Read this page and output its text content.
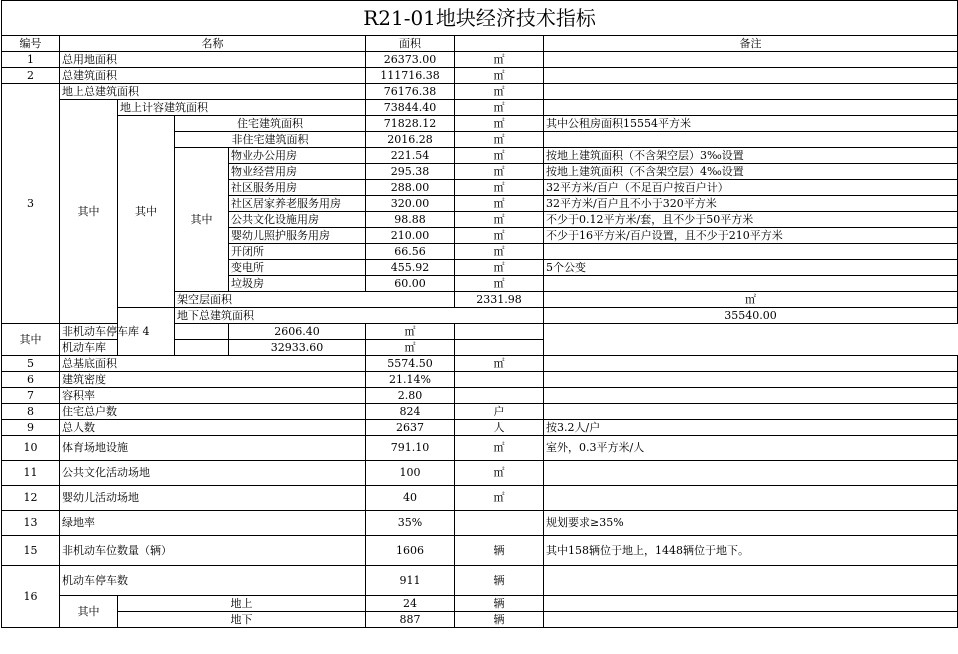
R21-01地块经济技术指标								
编号	名称				面积		备注	
1	总用地面积				26373.00	㎡		
2	总建筑面积				111716.38	㎡		
3	地上总建筑面积				76176.38	㎡		
	其中	地上计容建筑面积			73844.40	㎡		
		其中	住宅建筑面积		71828.12	㎡	其中公租房面积15554平方米	
			非住宅建筑面积		2016.28	㎡		
			其中	物业办公用房	221.54	㎡	按地上建筑面积（不含架空层）3‰设置	
				物业经营用房	295.38	㎡	按地上建筑面积（不含架空层）4‰设置	
				社区服务用房	288.00	㎡	32平方米/百户（不足百户按百户计）	
				社区居家养老服务用房	320.00	㎡	32平方米/百户且不小于320平方米	
				公共文化设施用房	98.88	㎡	不少于0.12平方米/套，且不少于50平方米	
				婴幼儿照护服务用房	210.00	㎡	不少于16平方米/百户设置，且不少于210平方米	
				开闭所	66.56	㎡		
				变电所	455.92	㎡	5个公变	
				垃圾房	60.00	㎡		
			架空层面积			2331.98	㎡	
		4	地下总建筑面积				35540.00		
其中	非机动车停车库			2606.40	㎡			
	机动车库			32933.60	㎡			
5	总基底面积				5574.50	㎡		
6	建筑密度				21.14%			
7	容积率				2.80			
8	住宅总户数				824	户		
9	总人数				2637	人	按3.2人/户	
10	体育场地设施				791.10	㎡	室外，0.3平方米/人	
11	公共文化活动场地				100	㎡		
12	婴幼儿活动场地				40	㎡		
13	绿地率				35%		规划要求≥35%	
15	非机动车位数量（辆）				1606	辆	其中158辆位于地上，1448辆位于地下。	
16	机动车停车数				911	辆		
	其中	地上			24	辆		
		地下			887	辆		
